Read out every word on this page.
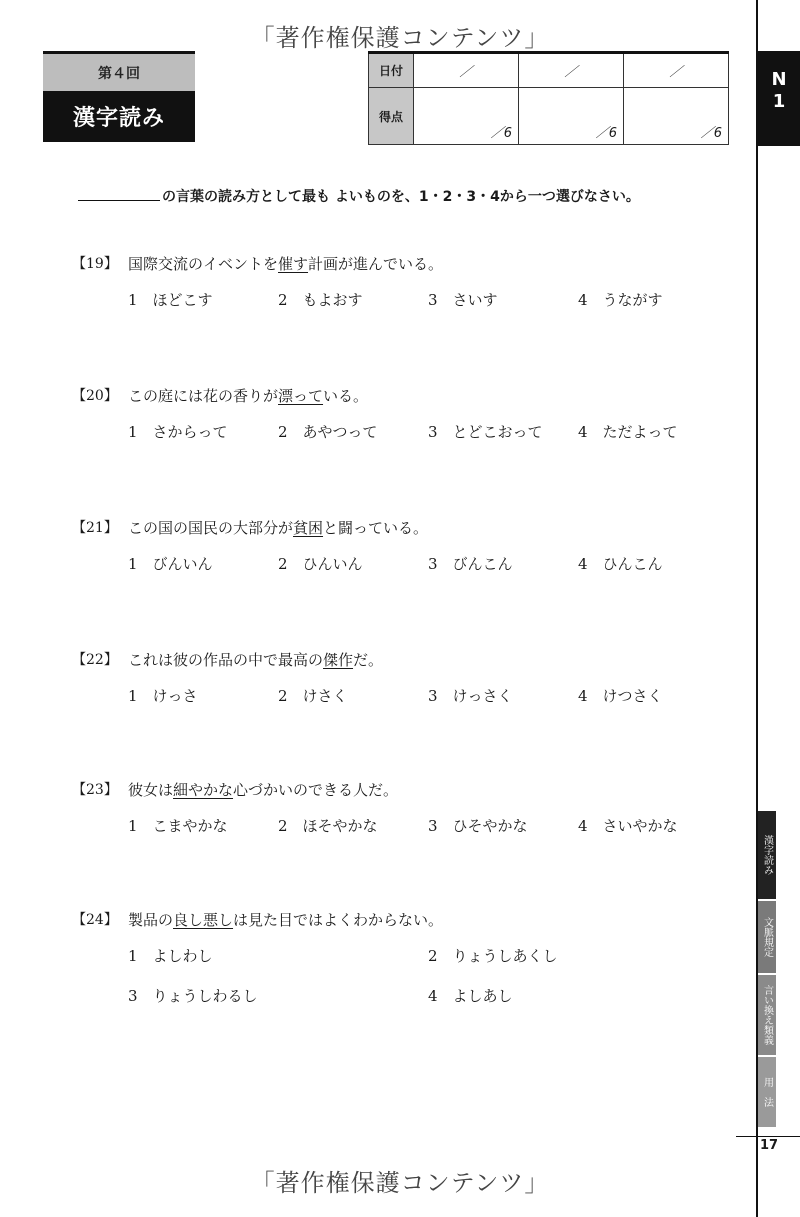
「著作権保護コンテンツ」
第４回
漢字読み
日付	／	／	／
得点	／6	／6	／6
N
1
漢字読み
文脈規定
言い換え類義
用　法
17
の言葉の読み方として最も よいものを、1・2・3・4から一つ選びなさい。
【19】 国際交流のイベントを催す計画が進んでいる。
1　ほどこす	2　もよおす	3　さいす	4　うながす
【20】 この庭には花の香りが漂っている。
1　さからって	2　あやつって	3　とどこおって 4　ただよって
【21】 この国の国民の大部分が貧困と闘っている。
1　びんいん	2　ひんいん	3　びんこん	4　ひんこん
【22】 これは彼の作品の中で最高の傑作だ。
1　けっさ	2　けさく	3　けっさく	4　けつさく
【23】 彼女は細やかな心づかいのできる人だ。
1　こまやかな	2　ほそやかな	3　ひそやかな	4　さいやかな
【24】 製品の良し悪しは見た目ではよくわからない。
1　よしわし	2　りょうしあくし
3　りょうしわるし	4　よしあし
「著作権保護コンテンツ」
